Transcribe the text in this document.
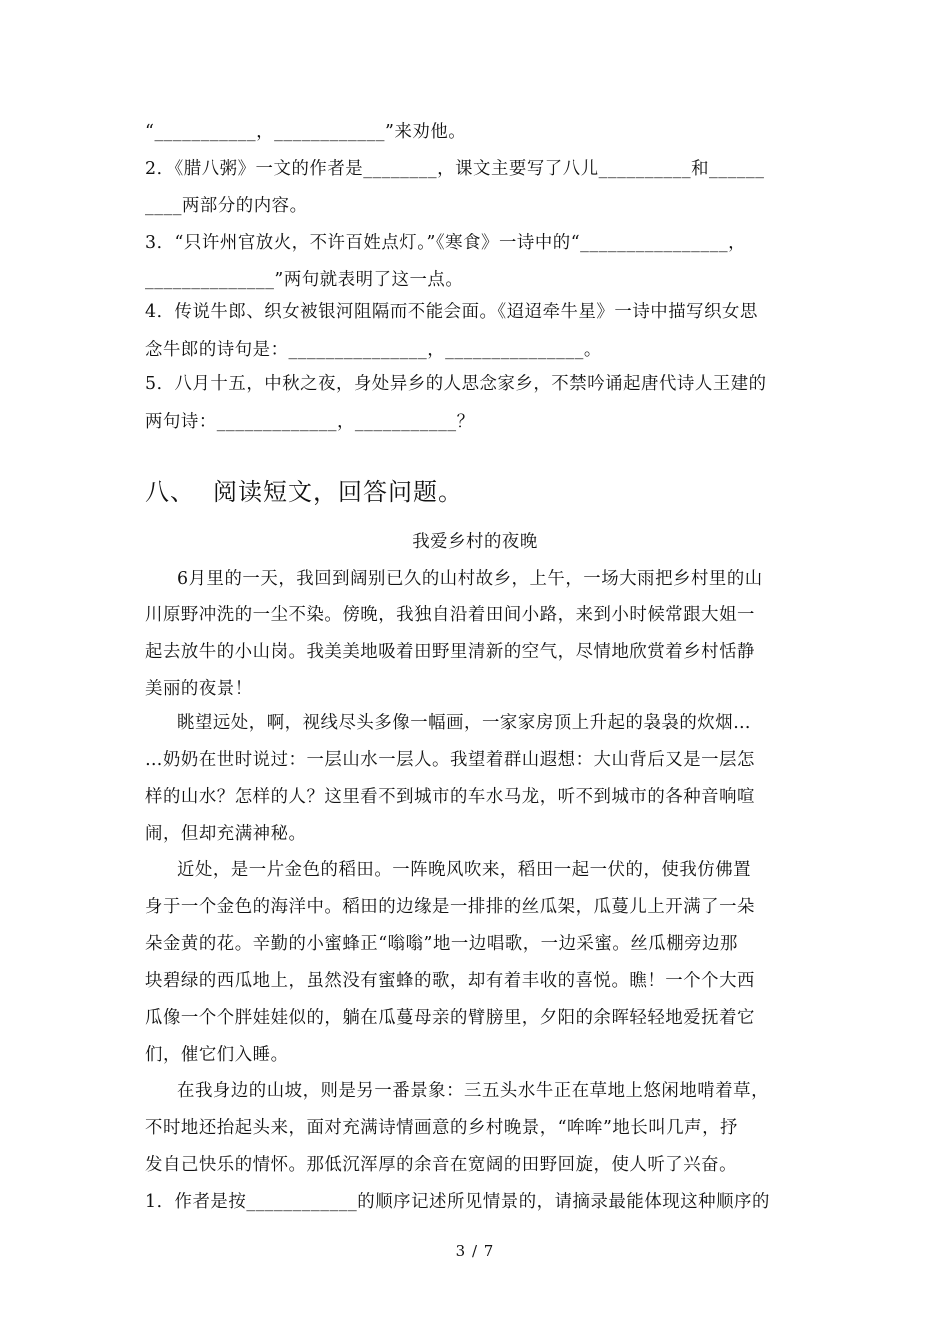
“___________，____________”来劝他。
2．《腊八粥》一文的作者是________，课文主要写了八儿__________和______
____两部分的内容。
3．“只许州官放火，不许百姓点灯。”《寒食》一诗中的“________________，
______________”两句就表明了这一点。
4．传说牛郎、织女被银河阻隔而不能会面。《迢迢牵牛星》一诗中描写织女思
念牛郎的诗句是：_______________，_______________。
5．八月十五，中秋之夜，身处异乡的人思念家乡，不禁吟诵起唐代诗人王建的
两句诗：_____________，___________？
6月里的一天，我回到阔别已久的山村故乡，上午，一场大雨把乡村里的山
川原野冲洗的一尘不染。傍晚，我独自沿着田间小路，来到小时候常跟大姐一
起去放牛的小山岗。我美美地吸着田野里清新的空气，尽情地欣赏着乡村恬静
美丽的夜景！
眺望远处，啊，视线尽头多像一幅画，一家家房顶上升起的袅袅的炊烟…
…奶奶在世时说过：一层山水一层人。我望着群山遐想：大山背后又是一层怎
样的山水？怎样的人？这里看不到城市的车水马龙，听不到城市的各种音响喧
闹，但却充满神秘。
近处，是一片金色的稻田。一阵晚风吹来，稻田一起一伏的，使我仿佛置
身于一个金色的海洋中。稻田的边缘是一排排的丝瓜架，瓜蔓儿上开满了一朵
朵金黄的花。辛勤的小蜜蜂正“嗡嗡”地一边唱歌，一边采蜜。丝瓜棚旁边那
块碧绿的西瓜地上，虽然没有蜜蜂的歌，却有着丰收的喜悦。瞧！一个个大西
瓜像一个个胖娃娃似的，躺在瓜蔓母亲的臂膀里，夕阳的余晖轻轻地爱抚着它
们，催它们入睡。
在我身边的山坡，则是另一番景象：三五头水牛正在草地上悠闲地啃着草，
不时地还抬起头来，面对充满诗情画意的乡村晚景，“哞哞”地长叫几声，抒
发自己快乐的情怀。那低沉浑厚的余音在宽阔的田野回旋，使人听了兴奋。
1．作者是按____________的顺序记述所见情景的，请摘录最能体现这种顺序的
八、 阅读短文，回答问题。
我爱乡村的夜晚
3 / 7
